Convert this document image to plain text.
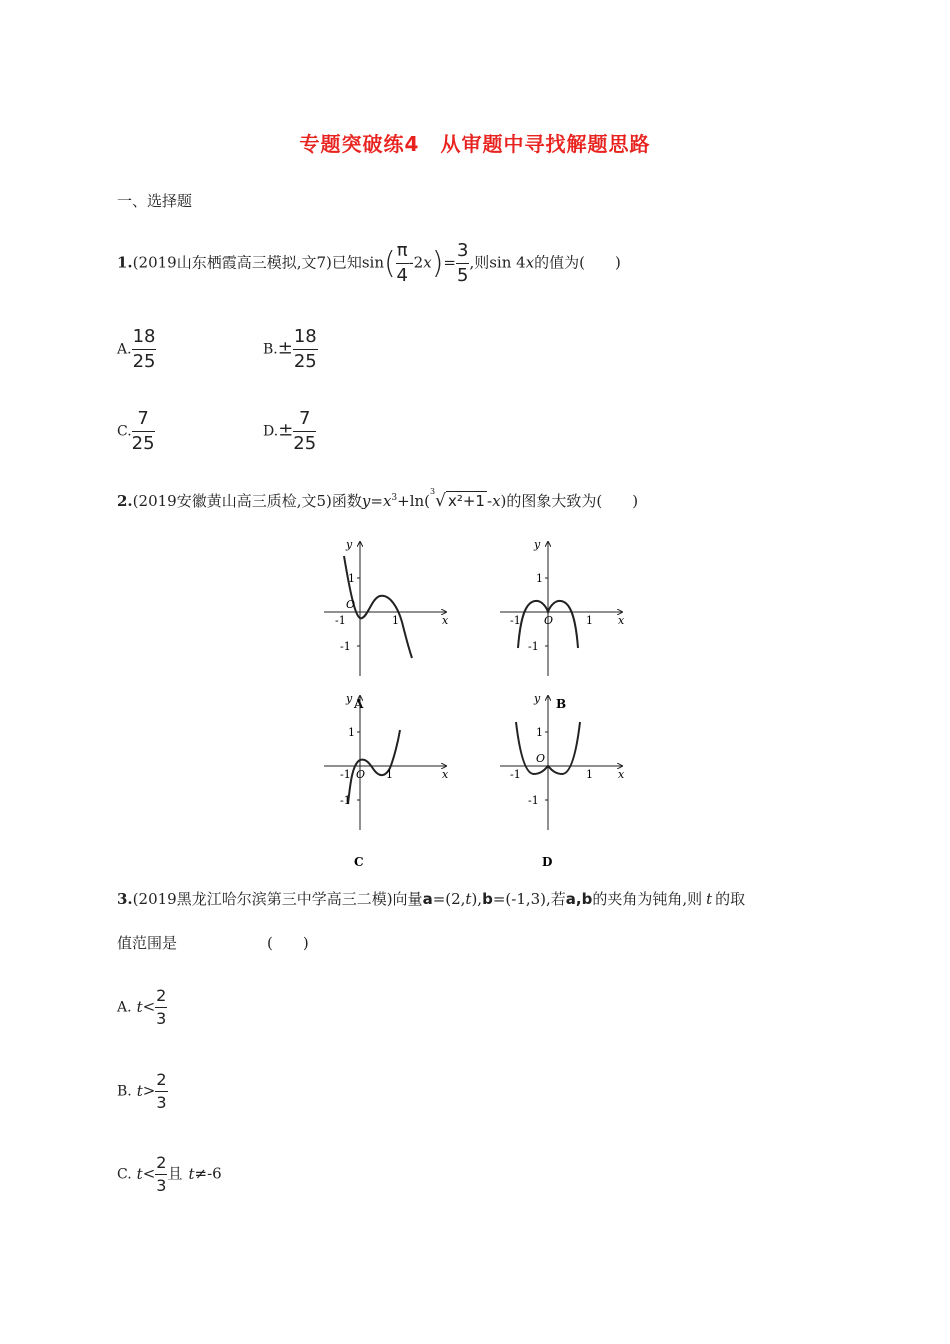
专题突破练4　从审题中寻找解题思路
一、选择题
1.(2019山东栖霞高三模拟,文7)已知$\sin( \frac{\pi}{4} -2x)= \frac{3}{5}$ ,则sin 4x的值为(　　)
A. $\frac{18}{25}$	$B.\pm \frac{18}{25}$
C. $\frac{7}{25}$	$D.\pm \frac{7}{25}$
2.(2019安徽黄山高三质检,文5)函数$y=x^3+\ln(^3√$ x²+1 -x)的图象大致为(　　)
y
1
-1
O
-1	1	x
A
y
1
-1
O
-1	1 x
B
y
1
-1
O
-1	1	x
C
y
1
-1
O
-1	1 x
D
3.(2019黑龙江哈尔滨第三中学高三二模)向量a=(2,t),b=(-1,3),若a,b的夹角为钝角,则 t 的取
值范围是	(　　)
A. $t< \frac{2}{3}$
B. $t> \frac{2}{3}$
C. $t< \frac{2}{3}$ 且 t≠-6
